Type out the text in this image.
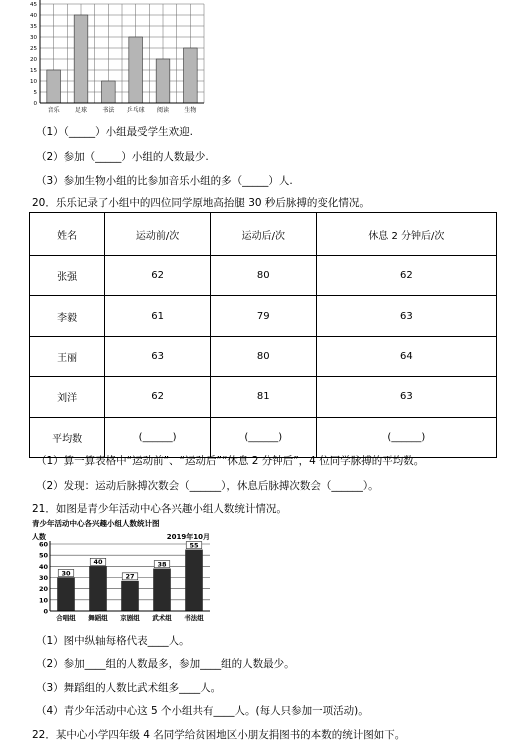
0
5
10
15
20
25
30
35
40
45
音乐	足球	书法 乒乓球 阅读	生物
（1）（_____）小组最受学生欢迎.
（2）参加（_____）小组的人数最少.
（3）参加生物小组的比参加音乐小组的多（_____）人.
20．乐乐记录了小组中的四位同学原地高抬腿 30 秒后脉搏的变化情况。
姓名	运动前/次	运动后/次	休息 2 分钟后/次
张强	62	80	62
李毅	61	79	63
王丽	63	80	64
刘洋	62	81	63
平均数	(______)	(______)	(______)
（1）算一算表格中“运动前”、“运动后”“休息 2 分钟后”，4 位同学脉搏的平均数。
（2）发现：运动后脉搏次数会（______），休息后脉搏次数会（______）。
21．如图是青少年活动中心各兴趣小组人数统计情况。
青少年活动中心各兴趣小组人数统计图
人数	2019年10月
0
10
20
30
40
50
60
30
合唱组
40
舞蹈组
27
京剧组
38
武术组
55
书法组
（1）图中纵轴每格代表____人。
（2）参加____组的人数最多，参加____组的人数最少。
（3）舞蹈组的人数比武术组多____人。
（4）青少年活动中心这 5 个小组共有____人。(每人只参加一项活动)。
22．某中心小学四年级 4 名同学给贫困地区小朋友捐图书的本数的统计图如下。
